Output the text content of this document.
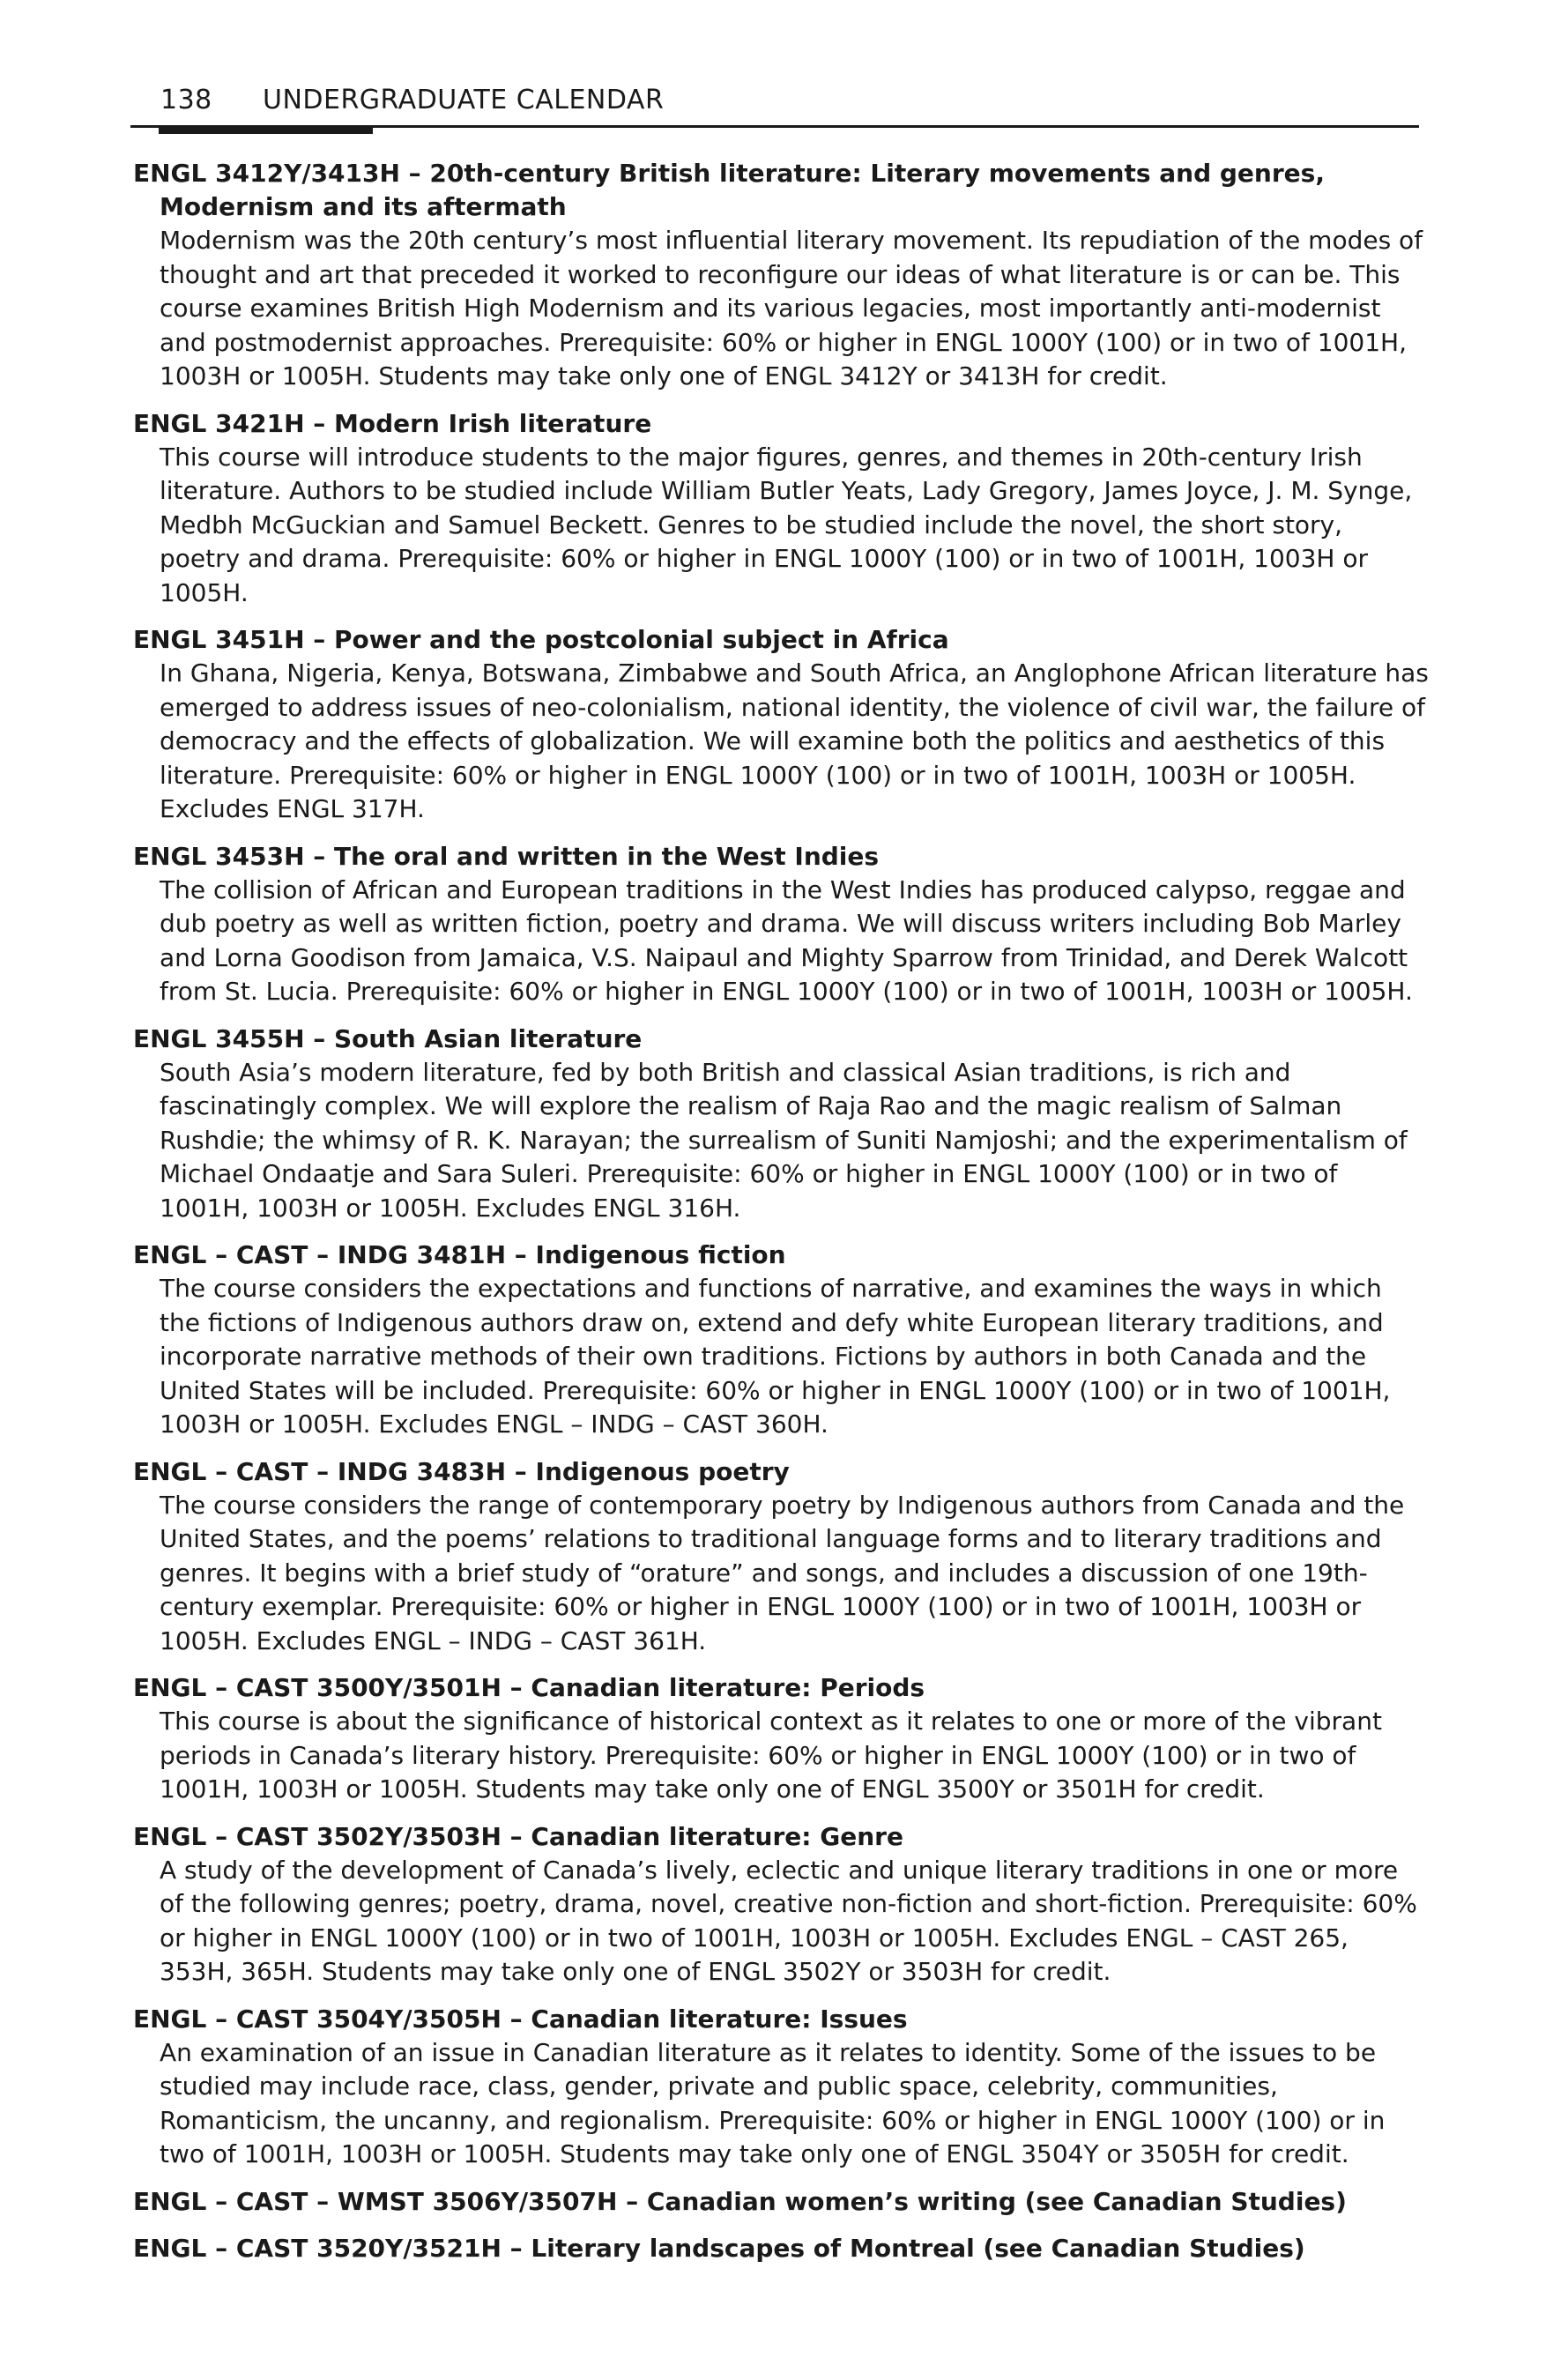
138 UNDERGRADUATE CALENDAR
ENGL 3412Y/3413H – 20th-century British literature: Literary movements and genres, Modernism and its aftermath
Modernism was the 20th century’s most influential literary movement. Its repudiation of the modes of thought and art that preceded it worked to reconfigure our ideas of what literature is or can be. This course examines British High Modernism and its various legacies, most importantly anti-modernist and postmodernist approaches. Prerequisite: 60% or higher in ENGL 1000Y (100) or in two of 1001H, 1003H or 1005H. Students may take only one of ENGL 3412Y or 3413H for credit.
ENGL 3421H – Modern Irish literature
This course will introduce students to the major figures, genres, and themes in 20th-century Irish literature. Authors to be studied include William Butler Yeats, Lady Gregory, James Joyce, J. M. Synge, Medbh McGuckian and Samuel Beckett. Genres to be studied include the novel, the short story, poetry and drama. Prerequisite: 60% or higher in ENGL 1000Y (100) or in two of 1001H, 1003H or 1005H.
ENGL 3451H – Power and the postcolonial subject in Africa
In Ghana, Nigeria, Kenya, Botswana, Zimbabwe and South Africa, an Anglophone African literature has emerged to address issues of neo-colonialism, national identity, the violence of civil war, the failure of democracy and the effects of globalization. We will examine both the politics and aesthetics of this literature. Prerequisite: 60% or higher in ENGL 1000Y (100) or in two of 1001H, 1003H or 1005H. Excludes ENGL 317H.
ENGL 3453H – The oral and written in the West Indies
The collision of African and European traditions in the West Indies has produced calypso, reggae and dub poetry as well as written fiction, poetry and drama. We will discuss writers including Bob Marley and Lorna Goodison from Jamaica, V.S. Naipaul and Mighty Sparrow from Trinidad, and Derek Walcott from St. Lucia. Prerequisite: 60% or higher in ENGL 1000Y (100) or in two of 1001H, 1003H or 1005H.
ENGL 3455H – South Asian literature
South Asia’s modern literature, fed by both British and classical Asian traditions, is rich and fascinatingly complex. We will explore the realism of Raja Rao and the magic realism of Salman Rushdie; the whimsy of R. K. Narayan; the surrealism of Suniti Namjoshi; and the experimentalism of Michael Ondaatje and Sara Suleri. Prerequisite: 60% or higher in ENGL 1000Y (100) or in two of 1001H, 1003H or 1005H. Excludes ENGL 316H.
ENGL – CAST – INDG 3481H – Indigenous fiction
The course considers the expectations and functions of narrative, and examines the ways in which the fictions of Indigenous authors draw on, extend and defy white European literary traditions, and incorporate narrative methods of their own traditions. Fictions by authors in both Canada and the United States will be included. Prerequisite: 60% or higher in ENGL 1000Y (100) or in two of 1001H, 1003H or 1005H. Excludes ENGL – INDG – CAST 360H.
ENGL – CAST – INDG 3483H – Indigenous poetry
The course considers the range of contemporary poetry by Indigenous authors from Canada and the United States, and the poems’ relations to traditional language forms and to literary traditions and genres. It begins with a brief study of “orature” and songs, and includes a discussion of one 19th-century exemplar. Prerequisite: 60% or higher in ENGL 1000Y (100) or in two of 1001H, 1003H or 1005H. Excludes ENGL – INDG – CAST 361H.
ENGL – CAST 3500Y/3501H – Canadian literature: Periods
This course is about the significance of historical context as it relates to one or more of the vibrant periods in Canada’s literary history. Prerequisite: 60% or higher in ENGL 1000Y (100) or in two of 1001H, 1003H or 1005H. Students may take only one of ENGL 3500Y or 3501H for credit.
ENGL – CAST 3502Y/3503H – Canadian literature: Genre
A study of the development of Canada’s lively, eclectic and unique literary traditions in one or more of the following genres; poetry, drama, novel, creative non-fiction and short-fiction. Prerequisite: 60% or higher in ENGL 1000Y (100) or in two of 1001H, 1003H or 1005H. Excludes ENGL – CAST 265, 353H, 365H. Students may take only one of ENGL 3502Y or 3503H for credit.
ENGL – CAST 3504Y/3505H – Canadian literature: Issues
An examination of an issue in Canadian literature as it relates to identity. Some of the issues to be studied may include race, class, gender, private and public space, celebrity, communities, Romanticism, the uncanny, and regionalism. Prerequisite: 60% or higher in ENGL 1000Y (100) or in two of 1001H, 1003H or 1005H. Students may take only one of ENGL 3504Y or 3505H for credit.
ENGL – CAST – WMST 3506Y/3507H – Canadian women’s writing (see Canadian Studies)
ENGL – CAST 3520Y/3521H – Literary landscapes of Montreal (see Canadian Studies)
